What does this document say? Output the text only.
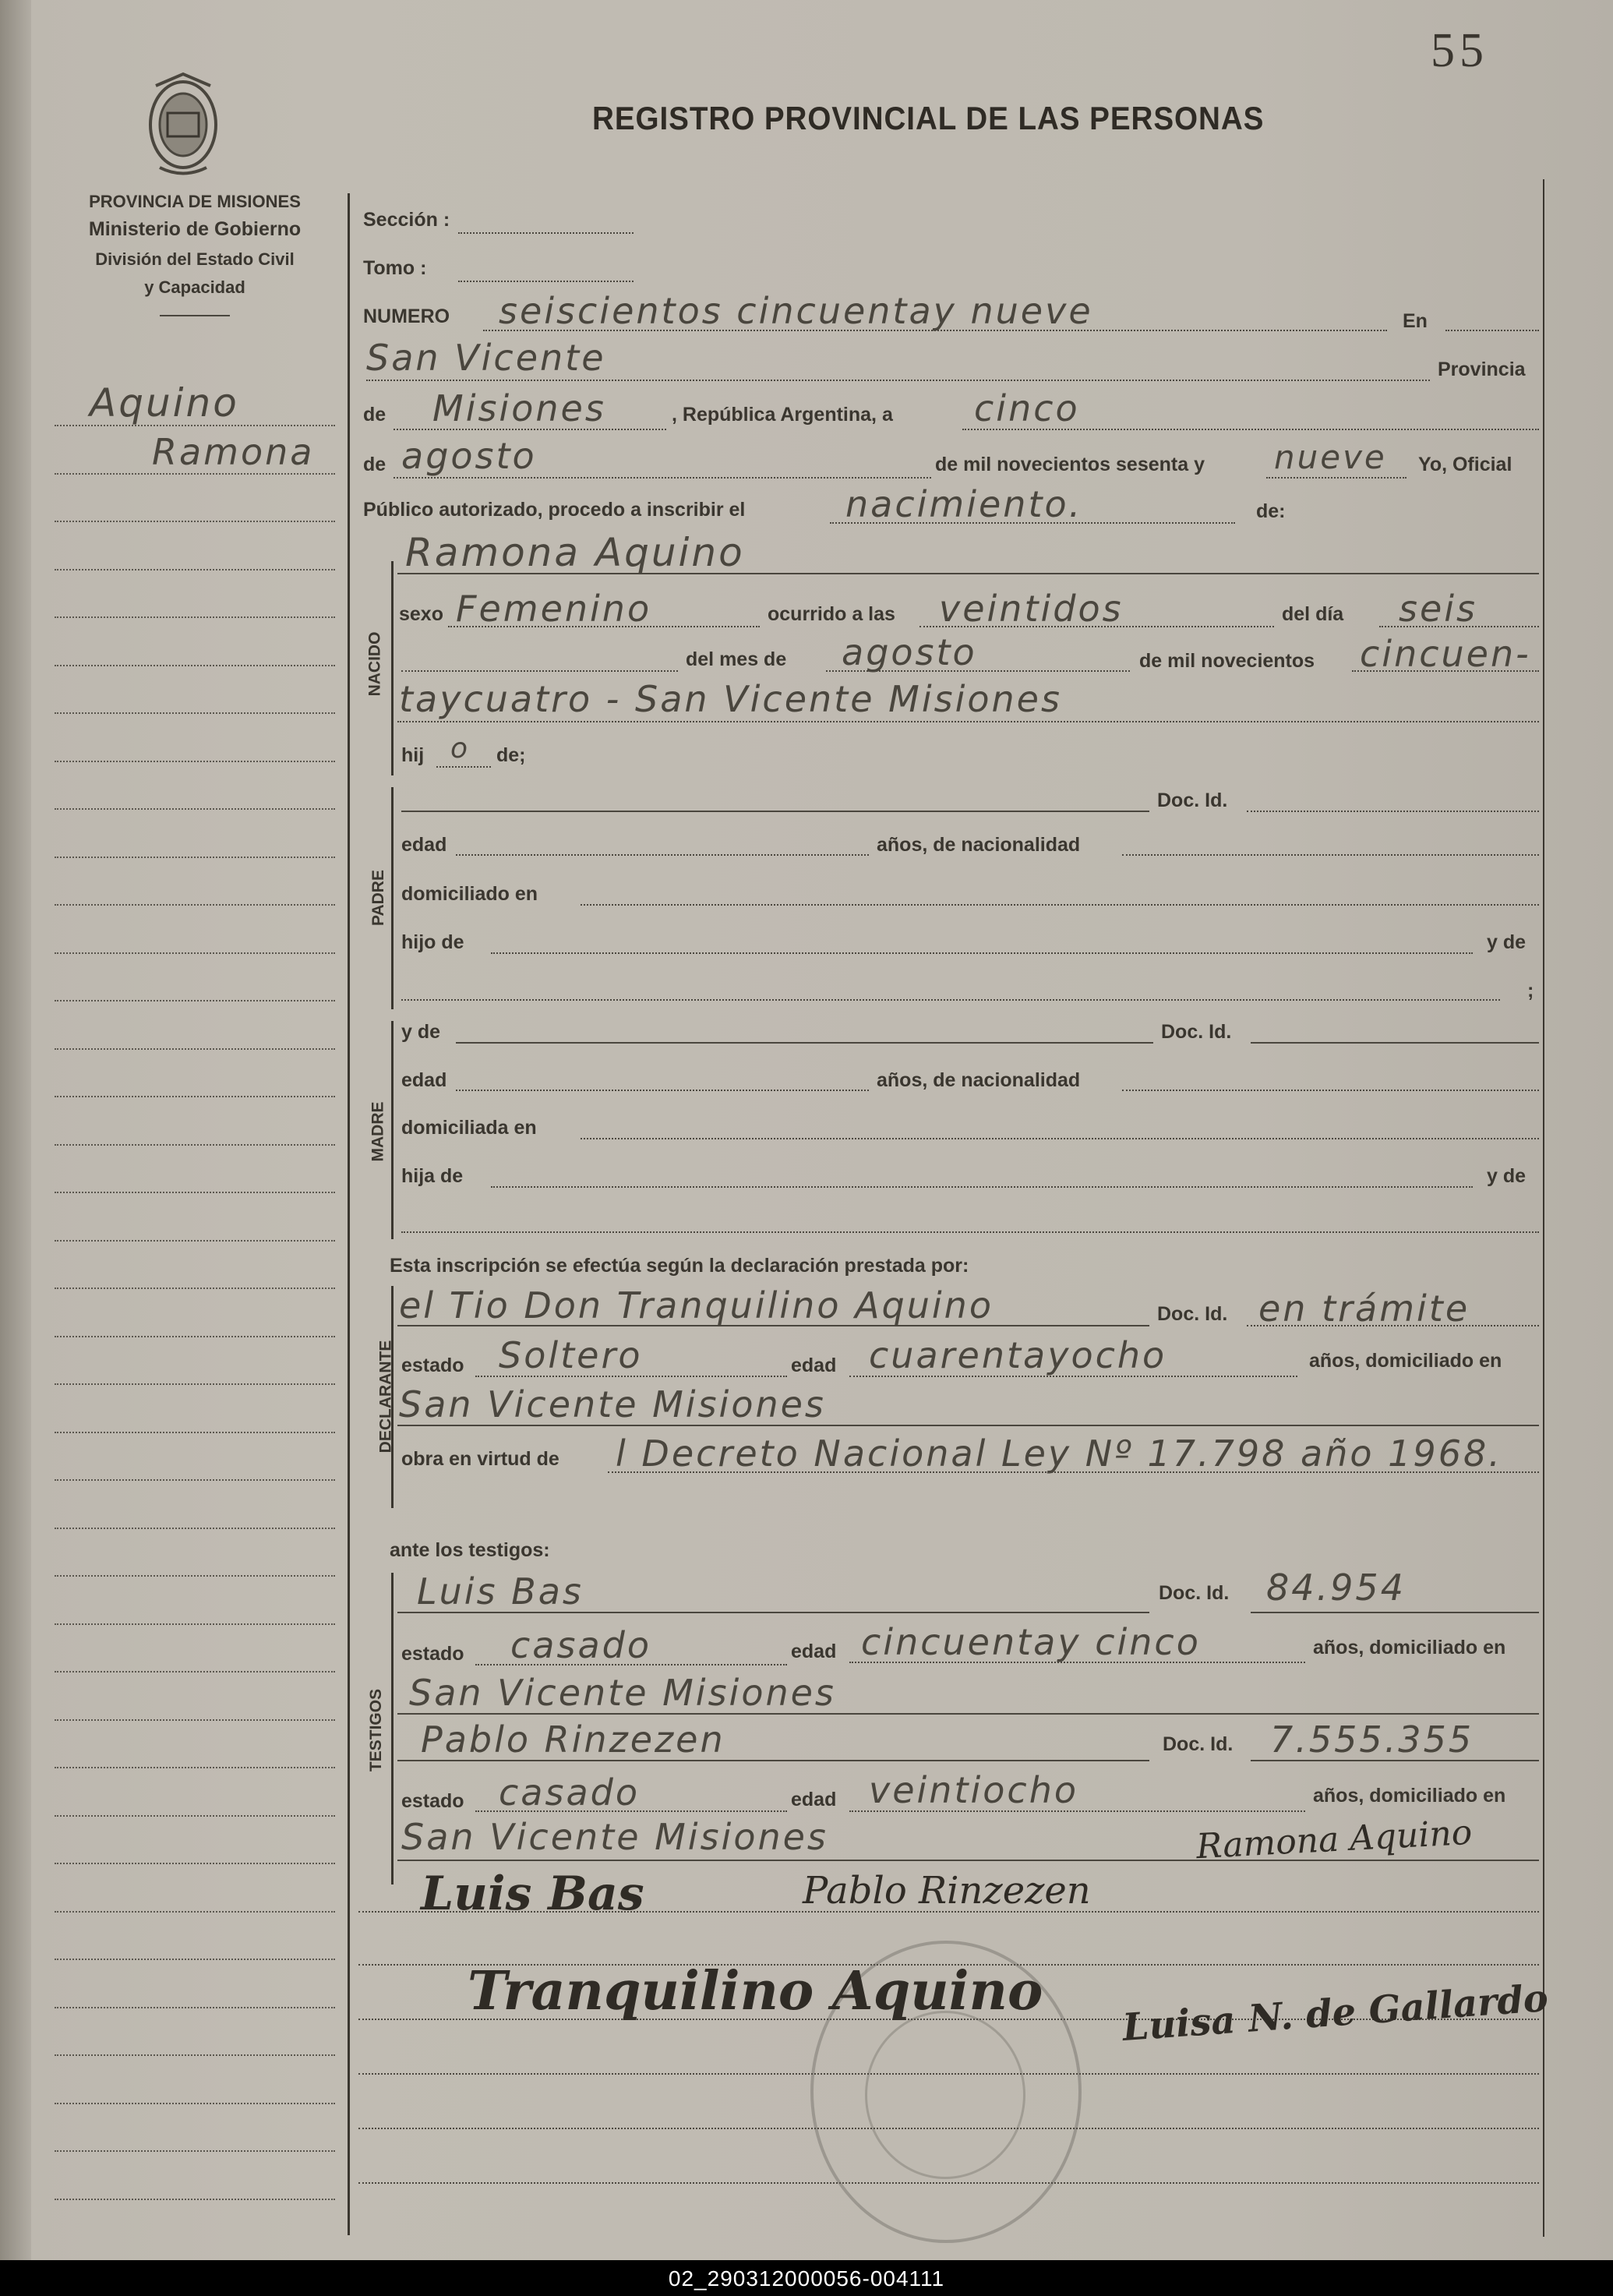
55
REGISTRO PROVINCIAL DE LAS PERSONAS
PROVINCIA DE MISIONES
Ministerio de Gobierno
División del Estado Civil
y Capacidad
Aquino
Ramona
Sección :
Tomo :
NUMERO seiscientos cincuentay nueve	En
San Vicente	Provincia
de Misiones	, República Argentina, a cinco
de agosto	de mil novecientos sesenta y nueve Yo, Oficial
Público autorizado, procedo a inscribir el	nacimiento.	de:
NACIDO
Ramona Aquino
sexo Femenino	ocurrido a las veintidos	del día seis
del mes de agosto	de mil novecientos cincuen-
taycuatro - San Vicente Misiones
hij o de;
PADRE
Doc. Id.
edad	años, de nacionalidad
domiciliado en
hijo de	y de
;
MADRE
y de	Doc. Id.
edad	años, de nacionalidad
domiciliada en
hija de	y de
Esta inscripción se efectúa según la declaración prestada por:
DECLARANTE
el Tio Don Tranquilino Aquino	Doc. Id. en trámite
estado Soltero	edad cuarentayocho	años, domiciliado en
San Vicente Misiones
obra en virtud de l Decreto Nacional Ley Nº 17.798 año 1968.
ante los testigos:
TESTIGOS
Luis Bas	Doc. Id. 84.954
estado casado	edad cincuentay cinco	años, domiciliado en
San Vicente Misiones
Pablo Rinzezen	Doc. Id. 7.555.355
estado casado	edad veintiocho	años, domiciliado en
San Vicente Misiones	Ramona Aquino
Luis Bas	Pablo Rinzezen
Tranquilino Aquino Luisa N. de Gallardo
02_290312000056-004111
